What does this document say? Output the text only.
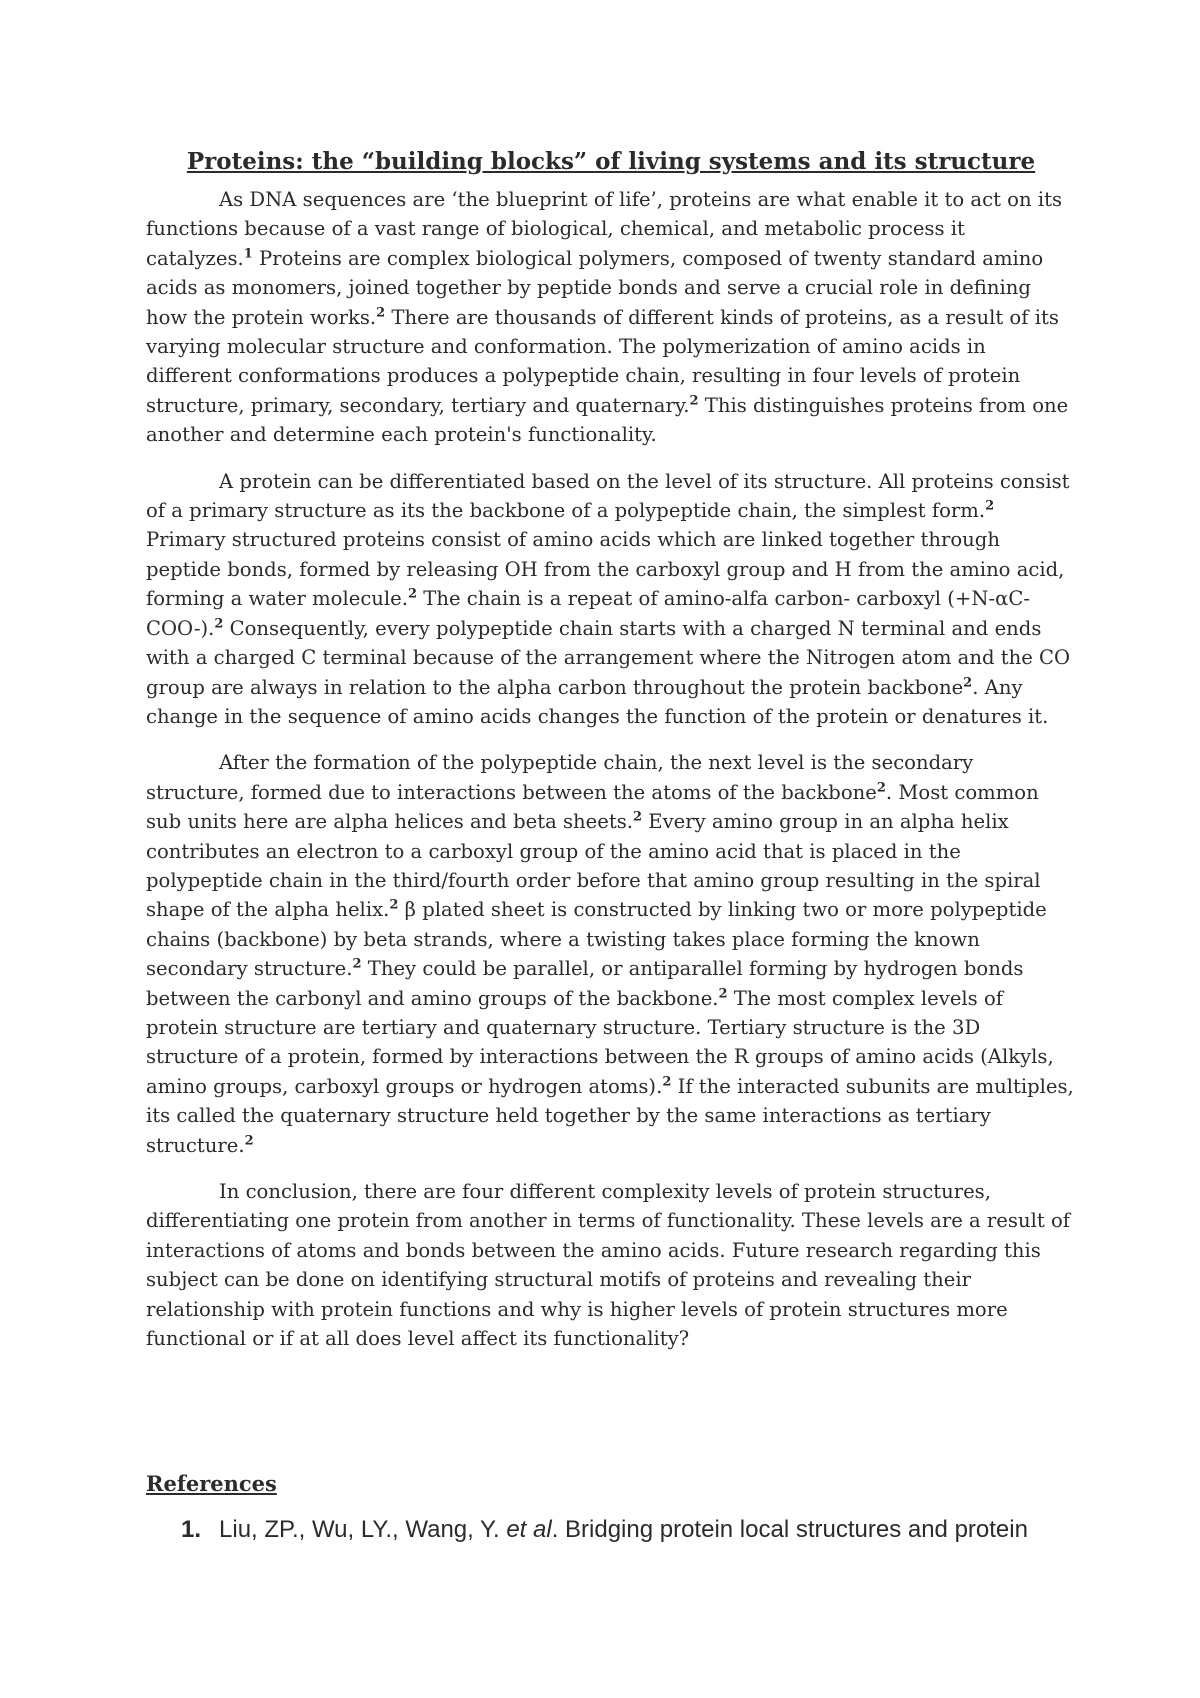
Proteins: the “building blocks” of living systems and its structure

As DNA sequences are ‘the blueprint of life’, proteins are what enable it to act on its functions because of a vast range of biological, chemical, and metabolic process it catalyzes.$^1$ Proteins are complex biological polymers, composed of twenty standard amino acids as monomers, joined together by peptide bonds and serve a crucial role in defining how the protein works.$^2$ There are thousands of different kinds of proteins, as a result of its varying molecular structure and conformation. The polymerization of amino acids in different conformations produces a polypeptide chain, resulting in four levels of protein structure, primary, secondary, tertiary and quaternary.$^2$ This distinguishes proteins from one another and determine each protein's functionality.

A protein can be differentiated based on the level of its structure. All proteins consist of a primary structure as its the backbone of a polypeptide chain, the simplest form.$^2$ Primary structured proteins consist of amino acids which are linked together through peptide bonds, formed by releasing OH from the carboxyl group and H from the amino acid, forming a water molecule.$^2$ The chain is a repeat of amino-alfa carbon- carboxyl (+N-αC-COO-).$^2$ Consequently, every polypeptide chain starts with a charged N terminal and ends with a charged C terminal because of the arrangement where the Nitrogen atom and the CO group are always in relation to the alpha carbon throughout the protein backbone$^2$. Any change in the sequence of amino acids changes the function of the protein or denatures it.

After the formation of the polypeptide chain, the next level is the secondary structure, formed due to interactions between the atoms of the backbone$^2$. Most common sub units here are alpha helices and beta sheets.$^2$ Every amino group in an alpha helix contributes an electron to a carboxyl group of the amino acid that is placed in the polypeptide chain in the third/fourth order before that amino group resulting in the spiral shape of the alpha helix.$^2$ β plated sheet is constructed by linking two or more polypeptide chains (backbone) by beta strands, where a twisting takes place forming the known secondary structure.$^2$ They could be parallel, or antiparallel forming by hydrogen bonds between the carbonyl and amino groups of the backbone.$^2$ The most complex levels of protein structure are tertiary and quaternary structure. Tertiary structure is the 3D structure of a protein, formed by interactions between the R groups of amino acids (Alkyls, amino groups, carboxyl groups or hydrogen atoms).$^2$ If the interacted subunits are multiples, its called the quaternary structure held together by the same interactions as tertiary structure.$^2$

In conclusion, there are four different complexity levels of protein structures, differentiating one protein from another in terms of functionality. These levels are a result of interactions of atoms and bonds between the amino acids. Future research regarding this subject can be done on identifying structural motifs of proteins and revealing their relationship with protein functions and why is higher levels of protein structures more functional or if at all does level affect its functionality?

References
1. Liu, ZP., Wu, LY., Wang, Y. et al. Bridging protein local structures and protein
